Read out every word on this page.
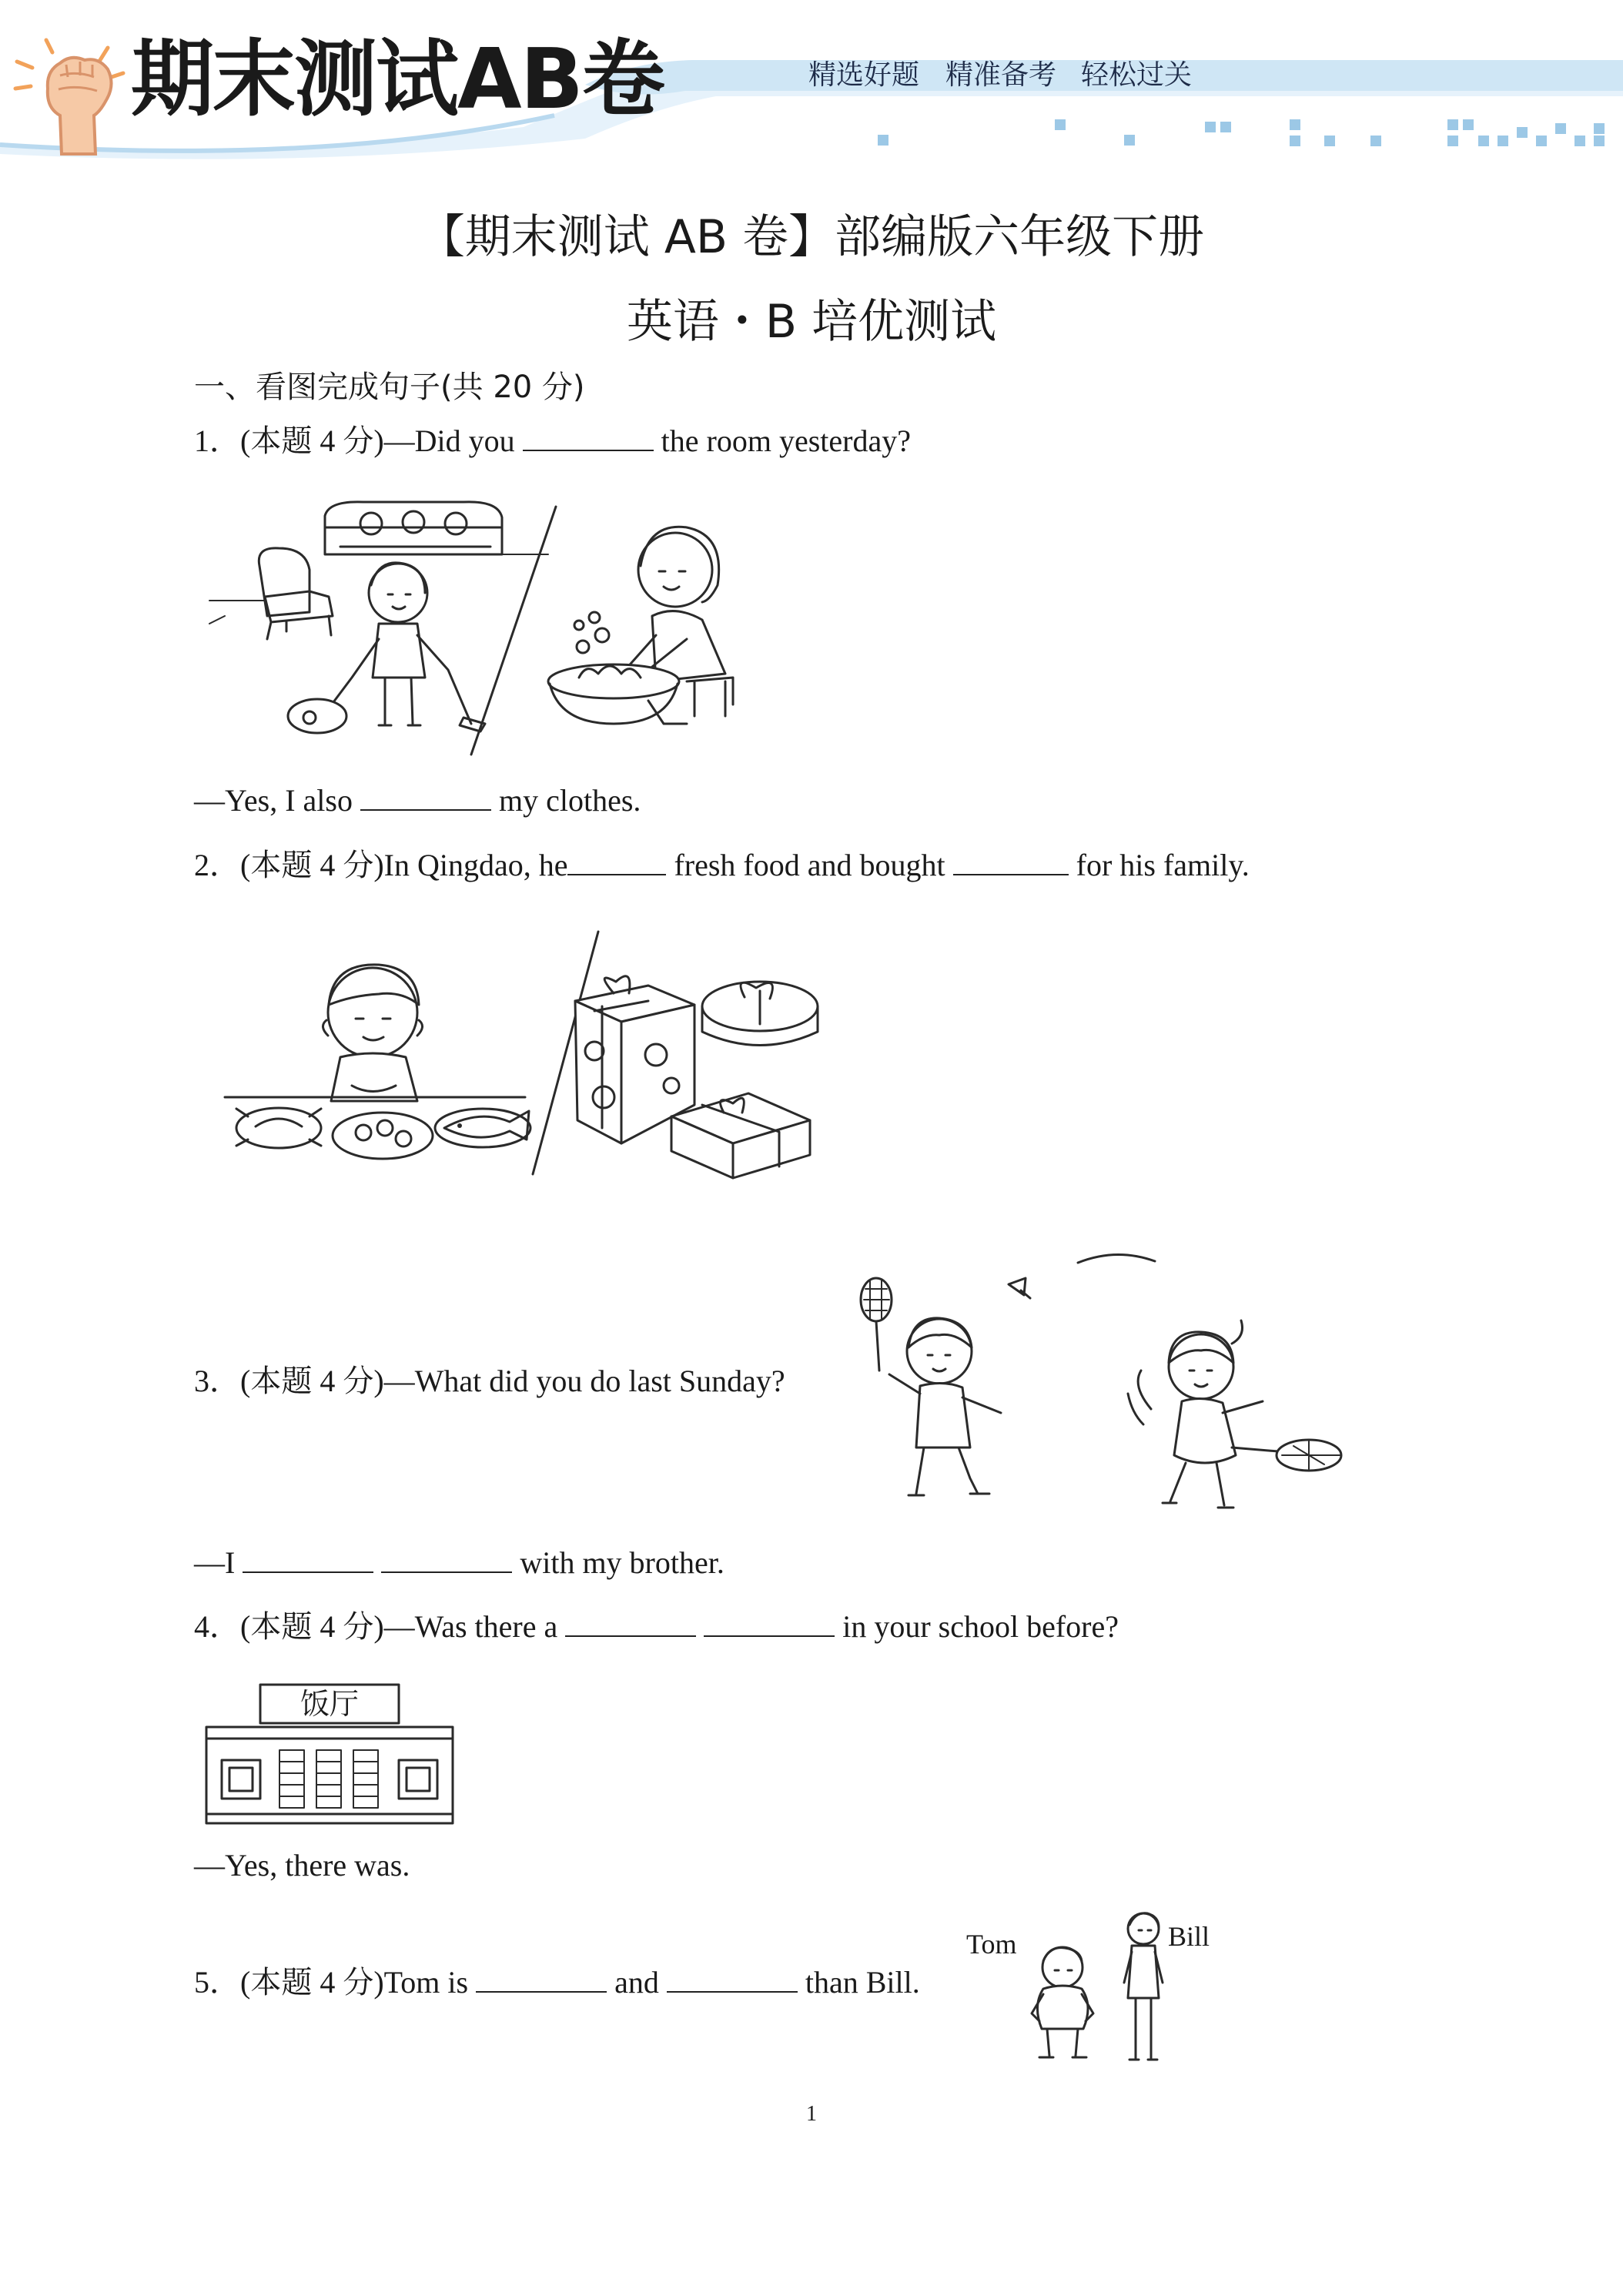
期末测试AB卷	精选好题 精准备考 轻松过关
【期末测试 AB 卷】部编版六年级下册
英语・B 培优测试
一、看图完成句子(共 20 分)
1．(本题 4 分)—Did you	the room yesterday?
—Yes, I also	my clothes.
2．(本题 4 分)In Qingdao, he	fresh food and bought	for his family.
3．(本题 4 分)—What did you do last Sunday?
—I	with my brother.
4．(本题 4 分)—Was there a	in your school before?
饭厅
—Yes, there was.
5．(本题 4 分)Tom is	and	than Bill.
Tom	Bill
1
